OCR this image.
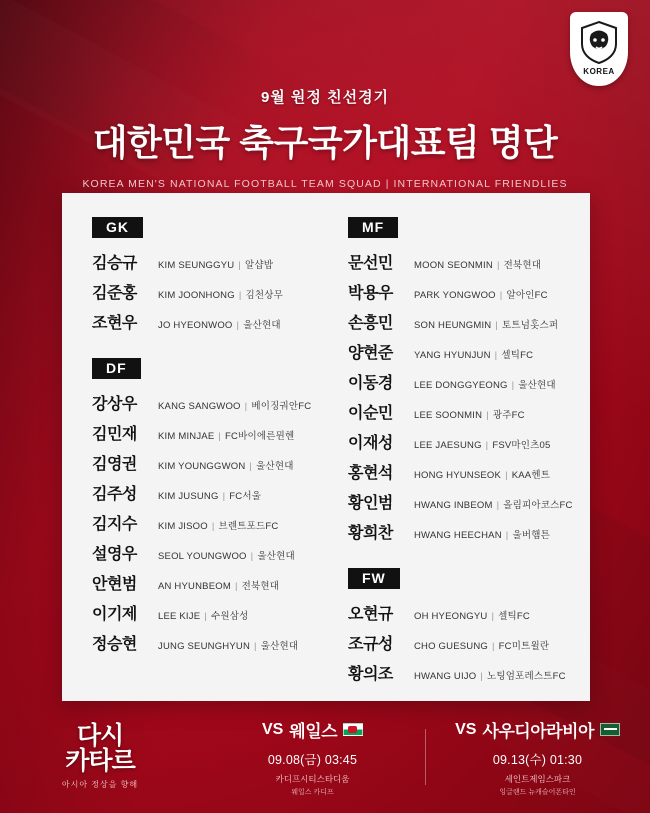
KOREA
9월 원정 친선경기
대한민국 축구국가대표팀 명단
KOREA MEN'S NATIONAL FOOTBALL TEAM SQUAD | INTERNATIONAL FRIENDLIES
GK
김승규	KIM SEUNGGYU | 알샵밥
김준홍	KIM JOONHONG | 김천상무
조현우	JO HYEONWOO | 울산현대
DF
강상우	KANG SANGWOO | 베이징궈안FC
김민재	KIM MINJAE | FC바이에른뮌헨
김영권	KIM YOUNGGWON | 울산현대
김주성	KIM JUSUNG | FC서울
김지수	KIM JISOO | 브렌트포드FC
설영우	SEOL YOUNGWOO | 울산현대
안현범	AN HYUNBEOM | 전북현대
이기제	LEE KIJE | 수원삼성
정승현	JUNG SEUNGHYUN | 울산현대
MF
문선민	MOON SEONMIN | 전북현대
박용우	PARK YONGWOO | 알아인FC
손흥민	SON HEUNGMIN | 토트넘홋스퍼
양현준	YANG HYUNJUN | 셀틱FC
이동경	LEE DONGGYEONG | 울산현대
이순민	LEE SOONMIN | 광주FC
이재성	LEE JAESUNG | FSV마인츠05
홍현석	HONG HYUNSEOK | KAA헨트
황인범	HWANG INBEOM | 올림피아코스FC
황희찬	HWANG HEECHAN | 울버햄튼
FW
오현규	OH HYEONGYU | 셀틱FC
조규성	CHO GUESUNG | FC미트윌란
황의조	HWANG UIJO | 노팅엄포레스트FC
다시
카타르
아시아 정상을 향해
VS 웨일스
09.08(금) 03:45
카디프시티스타디움
웨일스 카디프
VS 사우디아라비아
09.13(수) 01:30
세인트제임스파크
잉글랜드 뉴캐슬어폰타인
